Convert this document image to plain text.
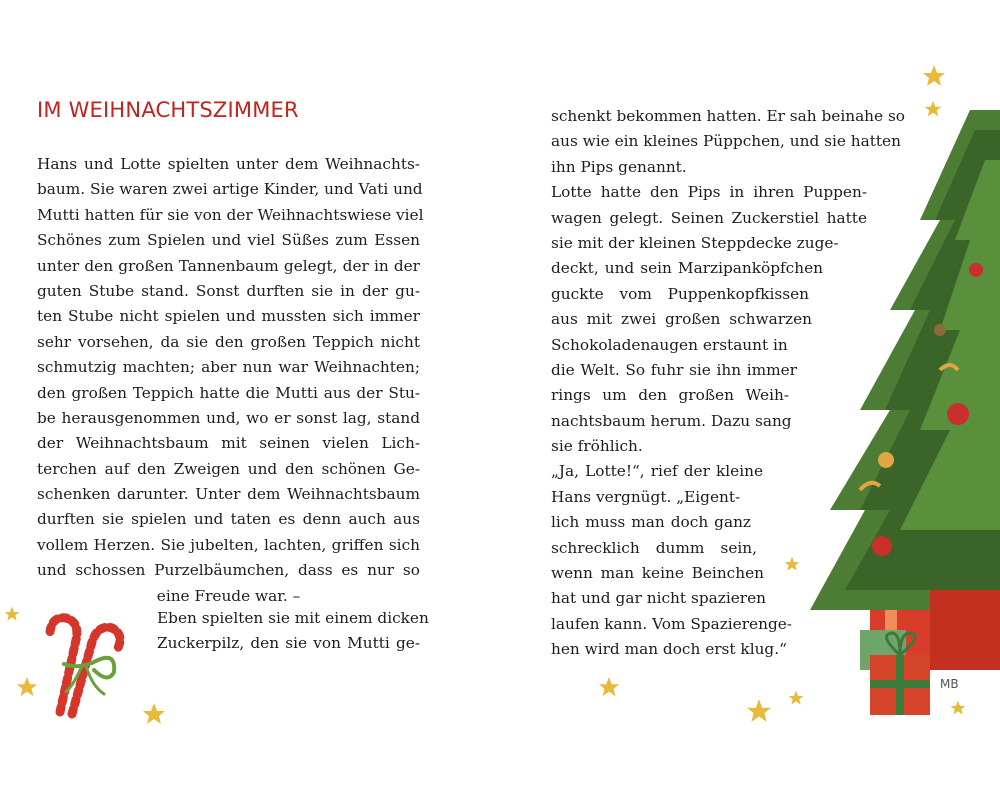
IM WEIHNACHTSZIMMER
Hans und Lotte spielten unter dem Weihnachts-
baum. Sie waren zwei artige Kinder, und Vati und
Mutti hatten für sie von der Weihnachtswiese viel
Schönes zum Spielen und viel Süßes zum Essen
unter den großen Tannenbaum gelegt, der in der
guten Stube stand. Sonst durften sie in der gu-
ten Stube nicht spielen und mussten sich immer
sehr vorsehen, da sie den großen Teppich nicht
schmutzig machten; aber nun war Weihnachten;
den großen Teppich hatte die Mutti aus der Stu-
be herausgenommen und, wo er sonst lag, stand
der Weihnachtsbaum mit seinen vielen Lich-
terchen auf den Zweigen und den schönen Ge-
schenken darunter. Unter dem Weihnachtsbaum
durften sie spielen und taten es denn auch aus
vollem Herzen. Sie jubelten, lachten, griffen sich
und schossen Purzelbäumchen, dass es nur so
eine Freude war. –
Eben spielten sie mit einem dicken
Zuckerpilz, den sie von Mutti ge-
schenkt bekommen hatten. Er sah beinahe so
aus wie ein kleines Püppchen, und sie hatten
ihn Pips genannt.
Lotte hatte den Pips in ihren Puppen-
wagen gelegt. Seinen Zuckerstiel hatte
sie mit der kleinen Steppdecke zuge-
deckt, und sein Marzipanköpfchen
guckte vom Puppenkopfkissen
aus mit zwei großen schwarzen
Schokoladenaugen erstaunt in
die Welt. So fuhr sie ihn immer
rings um den großen Weih-
nachtsbaum herum. Dazu sang
sie fröhlich.
„Ja, Lotte!“, rief der kleine
Hans vergnügt. „Eigent-
lich muss man doch ganz
schrecklich dumm sein,
wenn man keine Beinchen
hat und gar nicht spazieren
laufen kann. Vom Spazierenge-
hen wird man doch erst klug.“
MB
